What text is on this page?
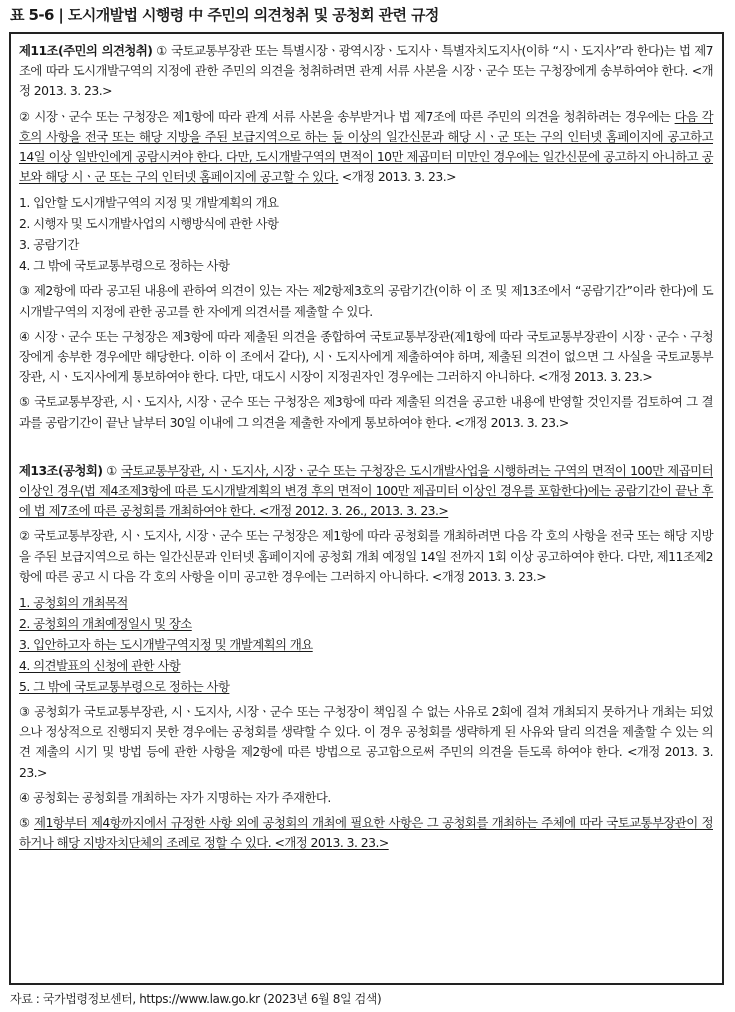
표 5-6 | 도시개발법 시행령 中 주민의 의견청취 및 공청회 관련 규정

제11조(주민의 의견청취) ① 국토교통부장관 또는 특별시장ㆍ광역시장ㆍ도지사ㆍ특별자치도지사(이하 “시ㆍ도지사”라 한다)는 법 제7조에 따라 도시개발구역의 지정에 관한 주민의 의견을 청취하려면 관계 서류 사본을 시장ㆍ군수 또는 구청장에게 송부하여야 한다. <개정 2013. 3. 23.>

② 시장ㆍ군수 또는 구청장은 제1항에 따라 관계 서류 사본을 송부받거나 법 제7조에 따른 주민의 의견을 청취하려는 경우에는 다음 각 호의 사항을 전국 또는 해당 지방을 주된 보급지역으로 하는 둘 이상의 일간신문과 해당 시ㆍ군 또는 구의 인터넷 홈페이지에 공고하고 14일 이상 일반인에게 공람시켜야 한다. 다만, 도시개발구역의 면적이 10만 제곱미터 미만인 경우에는 일간신문에 공고하지 아니하고 공보와 해당 시ㆍ군 또는 구의 인터넷 홈페이지에 공고할 수 있다. <개정 2013. 3. 23.>

1. 입안할 도시개발구역의 지정 및 개발계획의 개요
2. 시행자 및 도시개발사업의 시행방식에 관한 사항
3. 공람기간
4. 그 밖에 국토교통부령으로 정하는 사항

③ 제2항에 따라 공고된 내용에 관하여 의견이 있는 자는 제2항제3호의 공람기간(이하 이 조 및 제13조에서 “공람기간”이라 한다)에 도시개발구역의 지정에 관한 공고를 한 자에게 의견서를 제출할 수 있다.

④ 시장ㆍ군수 또는 구청장은 제3항에 따라 제출된 의견을 종합하여 국토교통부장관(제1항에 따라 국토교통부장관이 시장ㆍ군수ㆍ구청장에게 송부한 경우에만 해당한다. 이하 이 조에서 같다), 시ㆍ도지사에게 제출하여야 하며, 제출된 의견이 없으면 그 사실을 국토교통부장관, 시ㆍ도지사에게 통보하여야 한다. 다만, 대도시 시장이 지정권자인 경우에는 그러하지 아니하다. <개정 2013. 3. 23.>

⑤ 국토교통부장관, 시ㆍ도지사, 시장ㆍ군수 또는 구청장은 제3항에 따라 제출된 의견을 공고한 내용에 반영할 것인지를 검토하여 그 결과를 공람기간이 끝난 날부터 30일 이내에 그 의견을 제출한 자에게 통보하여야 한다. <개정 2013. 3. 23.>

제13조(공청회) ① 국토교통부장관, 시ㆍ도지사, 시장ㆍ군수 또는 구청장은 도시개발사업을 시행하려는 구역의 면적이 100만 제곱미터 이상인 경우(법 제4조제3항에 따른 도시개발계획의 변경 후의 면적이 100만 제곱미터 이상인 경우를 포함한다)에는 공람기간이 끝난 후에 법 제7조에 따른 공청회를 개최하여야 한다. <개정 2012. 3. 26., 2013. 3. 23.>

② 국토교통부장관, 시ㆍ도지사, 시장ㆍ군수 또는 구청장은 제1항에 따라 공청회를 개최하려면 다음 각 호의 사항을 전국 또는 해당 지방을 주된 보급지역으로 하는 일간신문과 인터넷 홈페이지에 공청회 개최 예정일 14일 전까지 1회 이상 공고하여야 한다. 다만, 제11조제2항에 따른 공고 시 다음 각 호의 사항을 이미 공고한 경우에는 그러하지 아니하다. <개정 2013. 3. 23.>

1. 공청회의 개최목적
2. 공청회의 개최예정일시 및 장소
3. 입안하고자 하는 도시개발구역지정 및 개발계획의 개요
4. 의견발표의 신청에 관한 사항
5. 그 밖에 국토교통부령으로 정하는 사항

③ 공청회가 국토교통부장관, 시ㆍ도지사, 시장ㆍ군수 또는 구청장이 책임질 수 없는 사유로 2회에 걸쳐 개최되지 못하거나 개최는 되었으나 정상적으로 진행되지 못한 경우에는 공청회를 생략할 수 있다. 이 경우 공청회를 생략하게 된 사유와 달리 의견을 제출할 수 있는 의견 제출의 시기 및 방법 등에 관한 사항을 제2항에 따른 방법으로 공고함으로써 주민의 의견을 듣도록 하여야 한다. <개정 2013. 3. 23.>

④ 공청회는 공청회를 개최하는 자가 지명하는 자가 주재한다.

⑤ 제1항부터 제4항까지에서 규정한 사항 외에 공청회의 개최에 필요한 사항은 그 공청회를 개최하는 주체에 따라 국토교통부장관이 정하거나 해당 지방자치단체의 조례로 정할 수 있다. <개정 2013. 3. 23.>

자료 : 국가법령정보센터, https://www.law.go.kr (2023년 6월 8일 검색)
